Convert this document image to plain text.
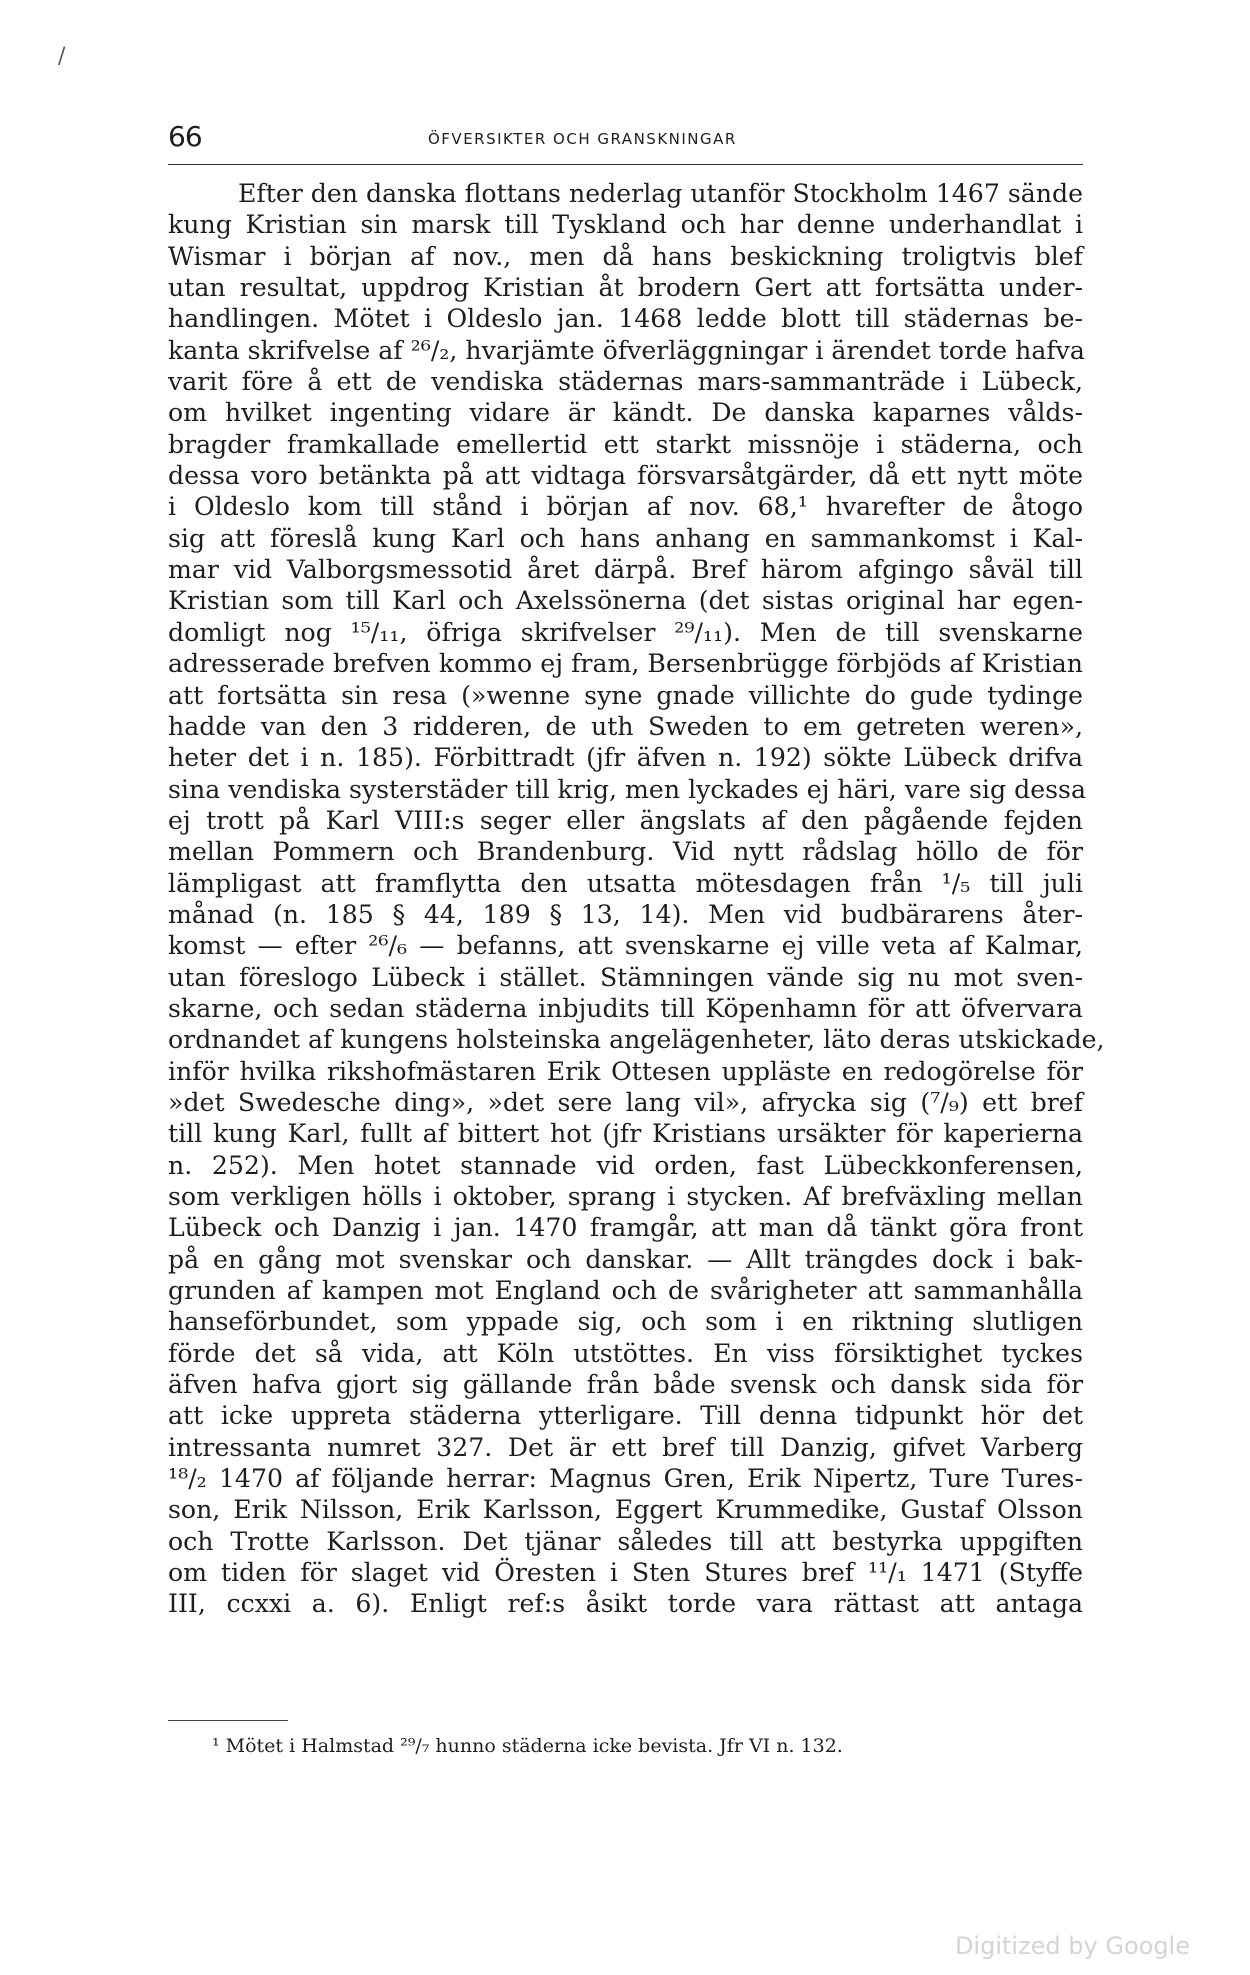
/
66	ÖFVERSIKTER OCH GRANSKNINGAR
Efter den danska flottans nederlag utanför Stockholm 1467 sände
kung Kristian sin marsk till Tyskland och har denne underhandlat i
Wismar i början af nov., men då hans beskickning troligtvis blef
utan resultat, uppdrog Kristian åt brodern Gert att fortsätta under-
handlingen. Mötet i Oldeslo jan. 1468 ledde blott till städernas be-
kanta skrifvelse af ²⁶/₂, hvarjämte öfverläggningar i ärendet torde hafva
varit före å ett de vendiska städernas mars-sammanträde i Lübeck,
om hvilket ingenting vidare är kändt. De danska kaparnes vålds-
bragder framkallade emellertid ett starkt missnöje i städerna, och
dessa voro betänkta på att vidtaga försvarsåtgärder, då ett nytt möte
i Oldeslo kom till stånd i början af nov. 68,¹ hvarefter de åtogo
sig att föreslå kung Karl och hans anhang en sammankomst i Kal-
mar vid Valborgsmessotid året därpå. Bref härom afgingo såväl till
Kristian som till Karl och Axelssönerna (det sistas original har egen-
domligt nog ¹⁵/₁₁, öfriga skrifvelser ²⁹/₁₁). Men de till svenskarne
adresserade brefven kommo ej fram, Bersenbrügge förbjöds af Kristian
att fortsätta sin resa (»wenne syne gnade villichte do gude tydinge
hadde van den 3 ridderen, de uth Sweden to em getreten weren»,
heter det i n. 185). Förbittradt (jfr äfven n. 192) sökte Lübeck drifva
sina vendiska systerstäder till krig, men lyckades ej häri, vare sig dessa
ej trott på Karl VIII:s seger eller ängslats af den pågående fejden
mellan Pommern och Brandenburg. Vid nytt rådslag höllo de för
lämpligast att framflytta den utsatta mötesdagen från ¹/₅ till juli
månad (n. 185 § 44, 189 § 13, 14). Men vid budbärarens åter-
komst — efter ²⁶/₆ — befanns, att svenskarne ej ville veta af Kalmar,
utan föreslogo Lübeck i stället. Stämningen vände sig nu mot sven-
skarne, och sedan städerna inbjudits till Köpenhamn för att öfvervara
ordnandet af kungens holsteinska angelägenheter, läto deras utskickade,
inför hvilka rikshofmästaren Erik Ottesen uppläste en redogörelse för
»det Swedesche ding», »det sere lang vil», afrycka sig (⁷/₉) ett bref
till kung Karl, fullt af bittert hot (jfr Kristians ursäkter för kaperierna
n. 252). Men hotet stannade vid orden, fast Lübeckkonferensen,
som verkligen hölls i oktober, sprang i stycken. Af brefväxling mellan
Lübeck och Danzig i jan. 1470 framgår, att man då tänkt göra front
på en gång mot svenskar och danskar. — Allt trängdes dock i bak-
grunden af kampen mot England och de svårigheter att sammanhålla
hanseförbundet, som yppade sig, och som i en riktning slutligen
förde det så vida, att Köln utstöttes. En viss försiktighet tyckes
äfven hafva gjort sig gällande från både svensk och dansk sida för
att icke uppreta städerna ytterligare. Till denna tidpunkt hör det
intressanta numret 327. Det är ett bref till Danzig, gifvet Varberg
¹⁸/₂ 1470 af följande herrar: Magnus Gren, Erik Nipertz, Ture Tures-
son, Erik Nilsson, Erik Karlsson, Eggert Krummedike, Gustaf Olsson
och Trotte Karlsson. Det tjänar således till att bestyrka uppgiften
om tiden för slaget vid Öresten i Sten Stures bref ¹¹/₁ 1471 (Styffe
III, ccxxi a. 6). Enligt ref:s åsikt torde vara rättast att antaga
¹ Mötet i Halmstad ²⁹/₇ hunno städerna icke bevista. Jfr VI n. 132.
Digitized by Google
